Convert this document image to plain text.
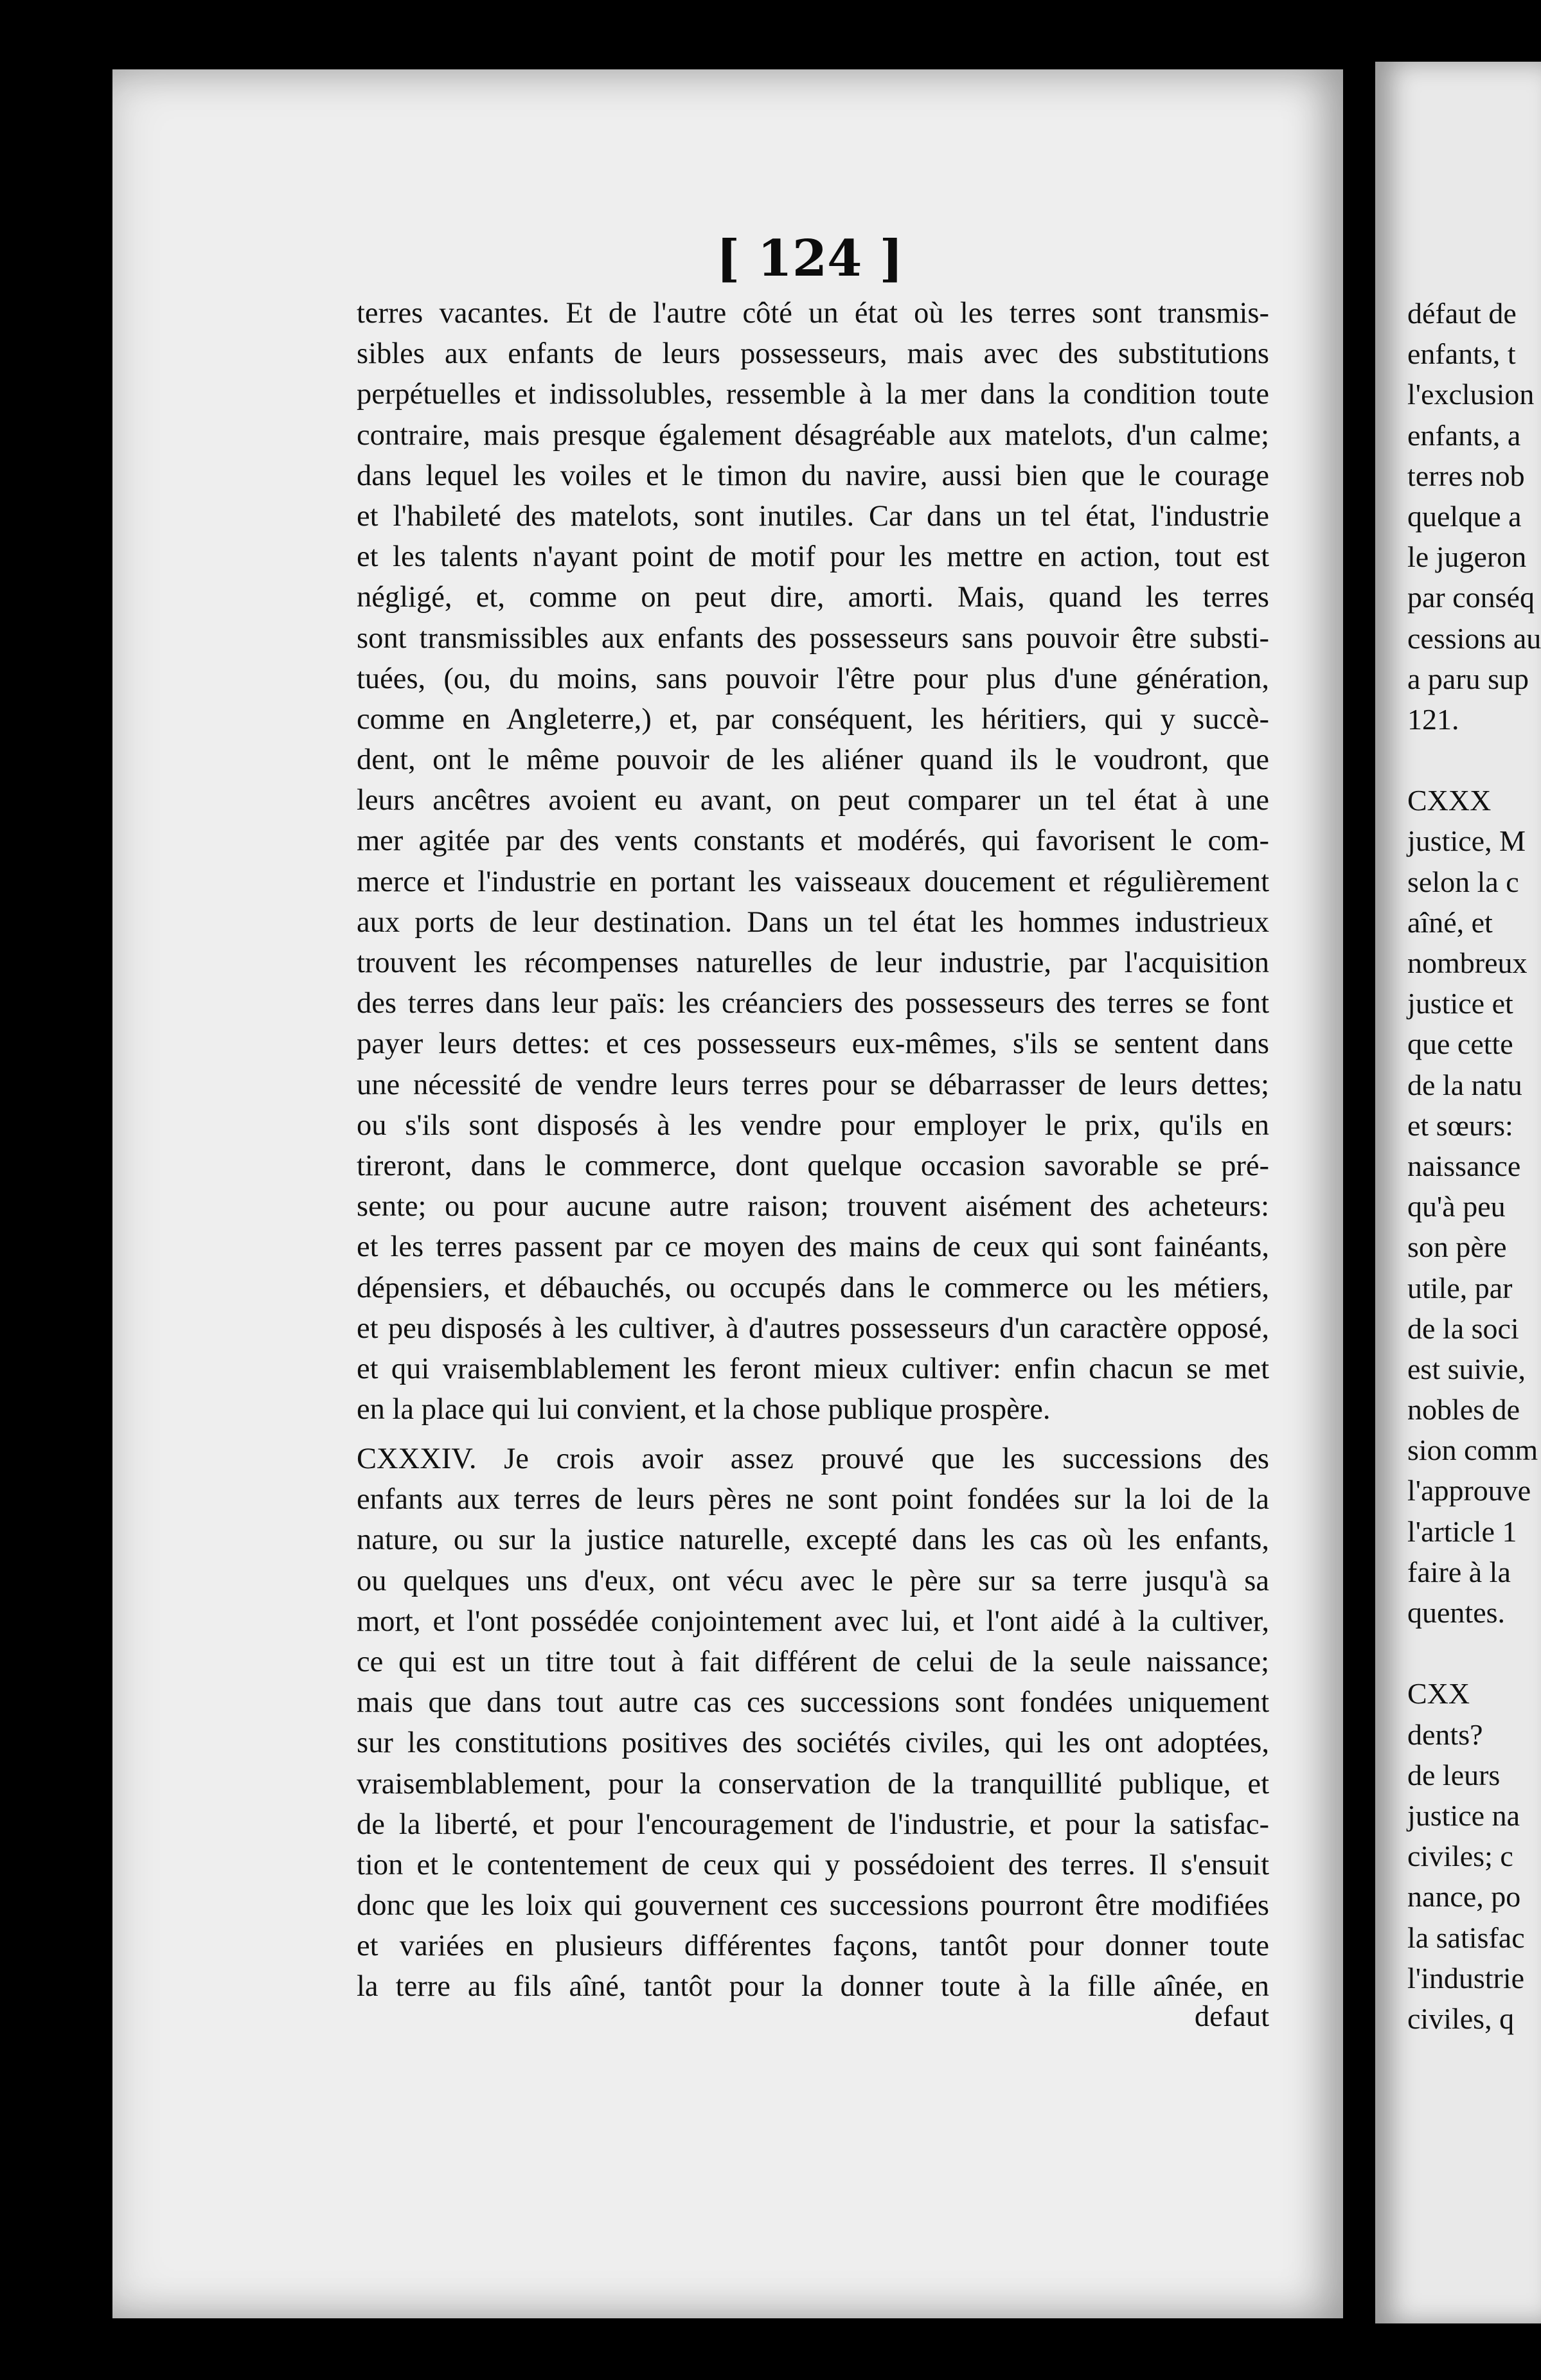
[ 124 ]
terres vacantes. Et de l'autre côté un état où les terres sont transmis-
sibles aux enfants de leurs possesseurs, mais avec des substitutions
perpétuelles et indissolubles, ressemble à la mer dans la condition toute
contraire, mais presque également désagréable aux matelots, d'un calme;
dans lequel les voiles et le timon du navire, aussi bien que le courage
et l'habileté des matelots, sont inutiles. Car dans un tel état, l'industrie
et les talents n'ayant point de motif pour les mettre en action, tout est
négligé, et, comme on peut dire, amorti. Mais, quand les terres
sont transmissibles aux enfants des possesseurs sans pouvoir être substi-
tuées, (ou, du moins, sans pouvoir l'être pour plus d'une génération,
comme en Angleterre,) et, par conséquent, les héritiers, qui y succè-
dent, ont le même pouvoir de les aliéner quand ils le voudront, que
leurs ancêtres avoient eu avant, on peut comparer un tel état à une
mer agitée par des vents constants et modérés, qui favorisent le com-
merce et l'industrie en portant les vaisseaux doucement et régulièrement
aux ports de leur destination. Dans un tel état les hommes industrieux
trouvent les récompenses naturelles de leur industrie, par l'acquisition
des terres dans leur païs: les créanciers des possesseurs des terres se font
payer leurs dettes: et ces possesseurs eux-mêmes, s'ils se sentent dans
une nécessité de vendre leurs terres pour se débarrasser de leurs dettes;
ou s'ils sont disposés à les vendre pour employer le prix, qu'ils en
tireront, dans le commerce, dont quelque occasion savorable se pré-
sente; ou pour aucune autre raison; trouvent aisément des acheteurs:
et les terres passent par ce moyen des mains de ceux qui sont fainéants,
dépensiers, et débauchés, ou occupés dans le commerce ou les métiers,
et peu disposés à les cultiver, à d'autres possesseurs d'un caractère opposé,
et qui vraisemblablement les feront mieux cultiver: enfin chacun se met
en la place qui lui convient, et la chose publique prospère.
CXXXIV. Je crois avoir assez prouvé que les successions des
enfants aux terres de leurs pères ne sont point fondées sur la loi de la
nature, ou sur la justice naturelle, excepté dans les cas où les enfants,
ou quelques uns d'eux, ont vécu avec le père sur sa terre jusqu'à sa
mort, et l'ont possédée conjointement avec lui, et l'ont aidé à la cultiver,
ce qui est un titre tout à fait différent de celui de la seule naissance;
mais que dans tout autre cas ces successions sont fondées uniquement
sur les constitutions positives des sociétés civiles, qui les ont adoptées,
vraisemblablement, pour la conservation de la tranquillité publique, et
de la liberté, et pour l'encouragement de l'industrie, et pour la satisfac-
tion et le contentement de ceux qui y possédoient des terres. Il s'ensuit
donc que les loix qui gouvernent ces successions pourront être modifiées
et variées en plusieurs différentes façons, tantôt pour donner toute
la terre au fils aîné, tantôt pour la donner toute à la fille aînée, en
defaut
défaut de
enfants, t
l'exclusion
enfants, a
terres nob
quelque a
le jugeron
par conséq
cessions au
a paru sup
121.
CXXX
justice, M
selon la c
aîné, et
nombreux
justice et
que cette
de la natu
et sœurs:
naissance
qu'à peu
son père
utile, par
de la soci
est suivie,
nobles de
sion comm
l'approuve
l'article 1
faire à la
quentes.
CXX
dents?
de leurs
justice na
civiles; c
nance, po
la satisfac
l'industrie
civiles, q
